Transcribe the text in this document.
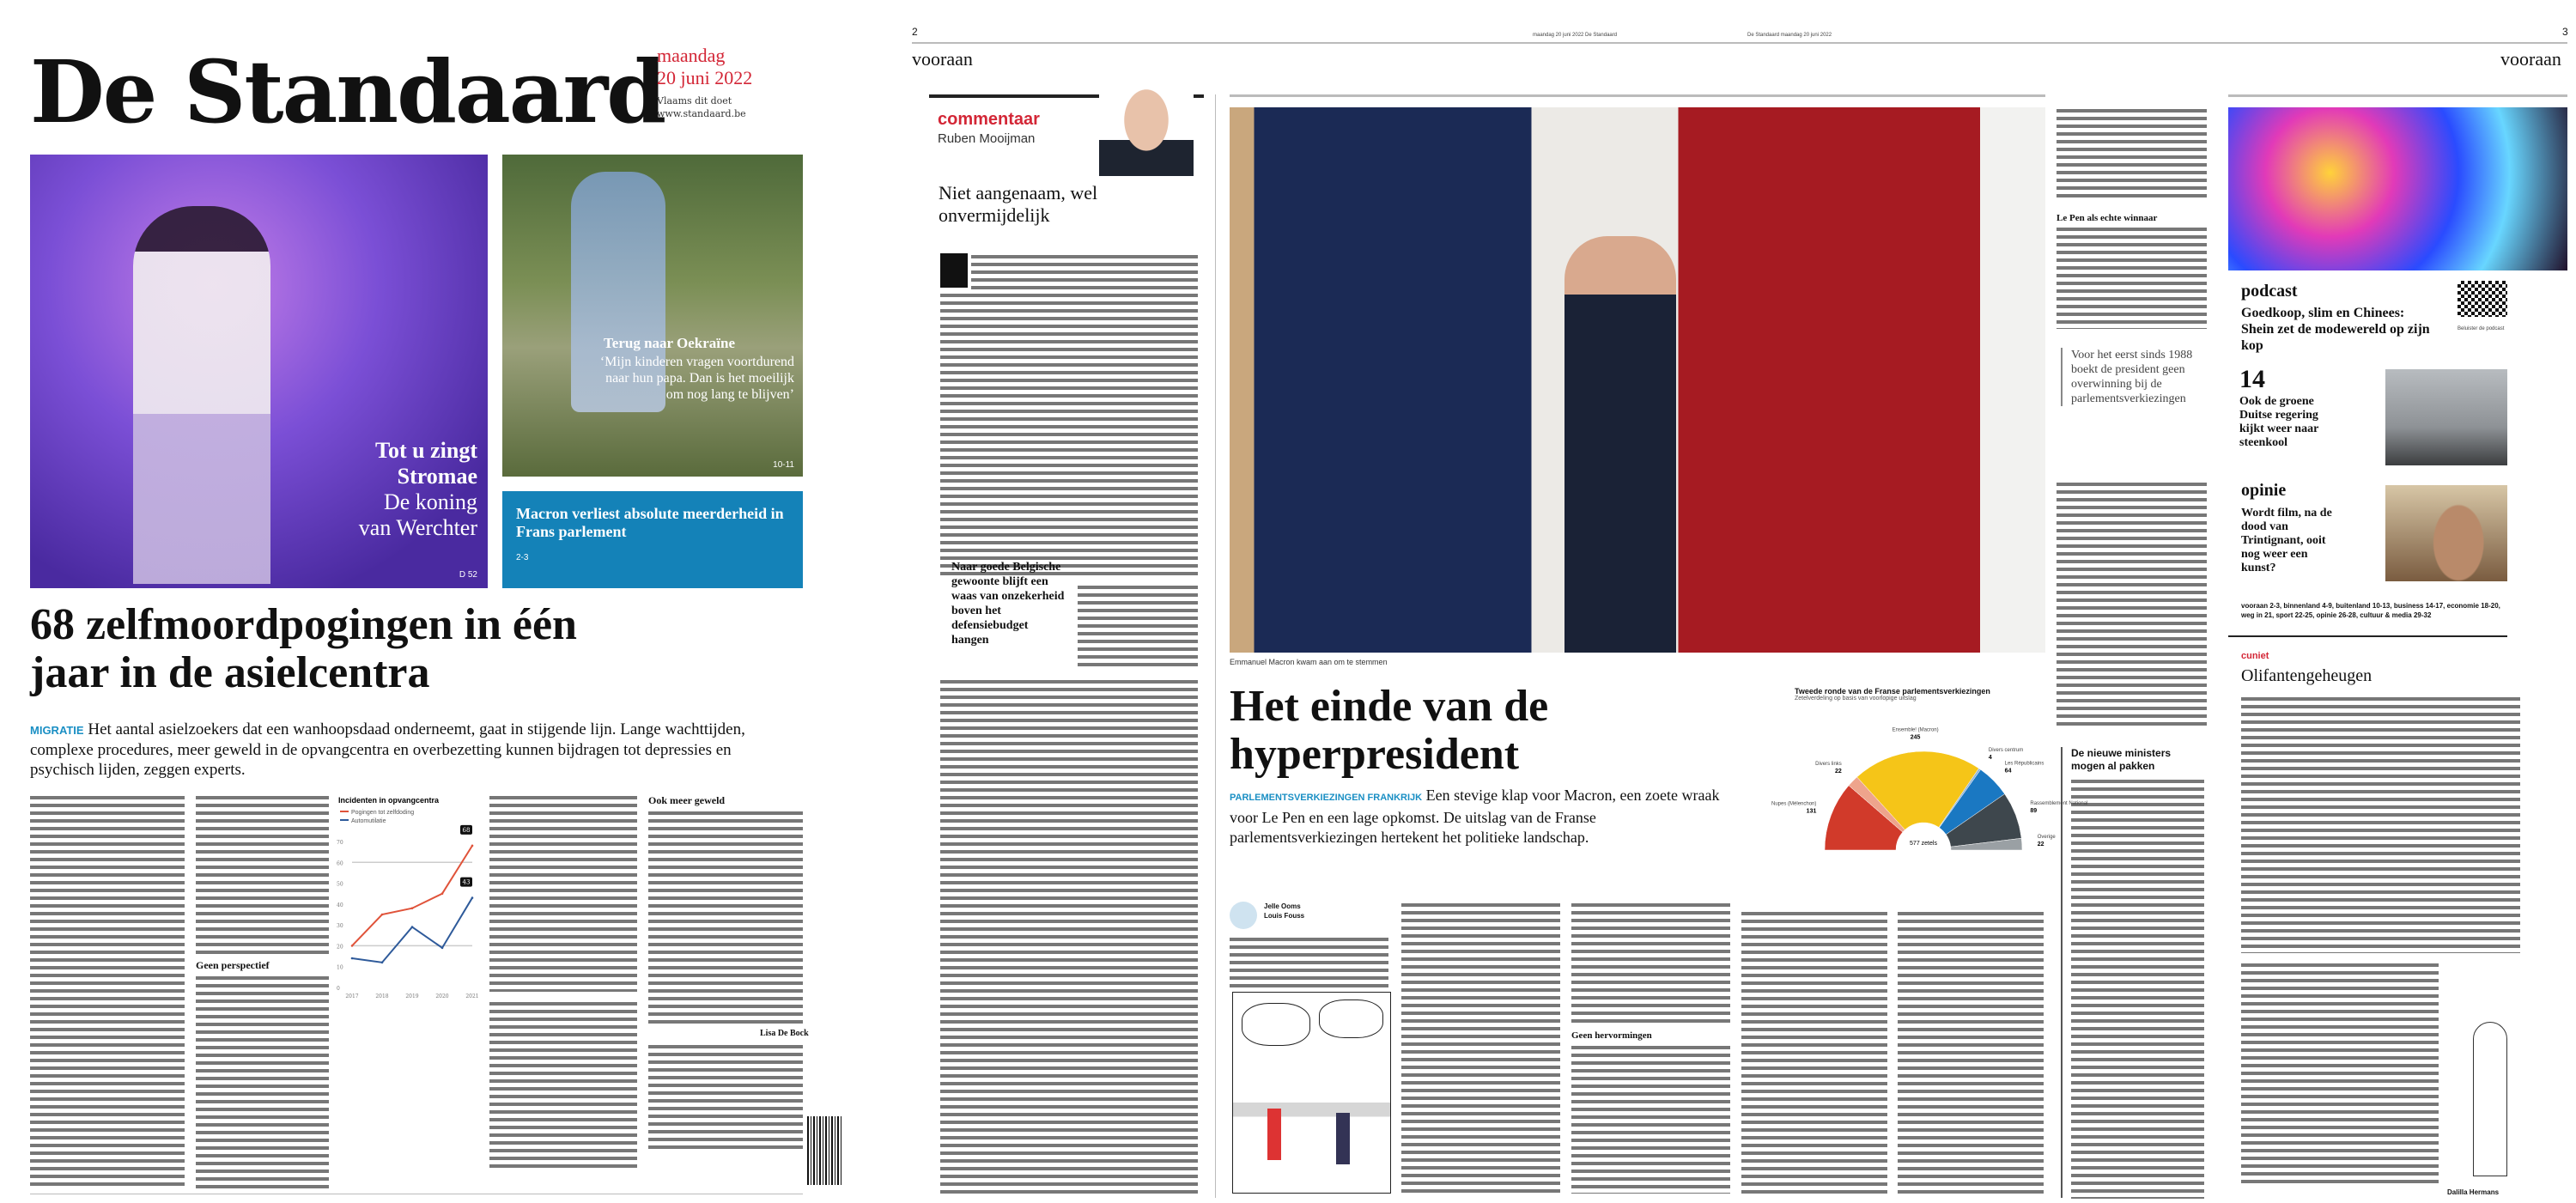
De Standaard
maandag
20 juni 2022
Vlaams dit doet
www.standaard.be
Tot u zingt
Stromae
De koning
van Werchter
D 52
Terug naar Oekraïne
‘Mijn kinderen vragen voortdurend naar hun papa. Dan is het moeilijk om nog lang te blijven’
10-11
Macron verliest absolute meerderheid in Frans parlement
2-3
68 zelfmoordpogingen in één jaar in de asielcentra
MIGRATIE Het aantal asielzoekers dat een wanhoopsdaad onderneemt, gaat in stijgende lijn. Lange wachttijden, complexe procedures, meer geweld in de opvangcentra en overbezetting kunnen bijdragen tot depressies en psychisch lijden, zeggen experts.
Geen perspectief
Incidenten in opvangcentra
Pogingen tot zelfdoding
Automutilatie
0
10
20
30
40
50
60
70
2017	2018	2019	2020	2021
68
43
Ook meer geweld
Lisa De Bock
2	maandag 20 juni 2022 De Standaard	De Standaard maandag 20 juni 2022	3
vooraan	vooraan
commentaar
Ruben Mooijman
Niet aangenaam, wel onvermijdelijk
Naar goede Belgische gewoonte blijft een waas van onzekerheid boven het defensiebudget hangen
Emmanuel Macron kwam aan om te stemmen
Le Pen als echte winnaar
Voor het eerst sinds 1988 boekt de president geen overwinning bij de parlementsverkiezingen
De nieuwe ministers mogen al pakken
Het einde van de hyperpresident
PARLEMENTSVERKIEZINGEN FRANKRIJK Een stevige klap voor Macron, een zoete wraak voor Le Pen en een lage opkomst. De uitslag van de Franse parlementsverkiezingen hertekent het politieke landschap.
Tweede ronde van de Franse parlementsverkiezingen
Zetelverdeling op basis van voorlopige uitslag
Nupes (Mélenchon)
131
Divers links
22
Ensemble! (Macron)
245
Divers centrum
4
Les Républicains
64
Rassemblement National
89
Overige
22
577 zetels
Jelle Ooms
Louis Fouss
Geen hervormingen
podcast
Goedkoop, slim en Chinees: Shein zet de modewereld op zijn kop
Beluister de podcast
14
Ook de groene Duitse regering kijkt weer naar steenkool
opinie
Wordt film, na de dood van Trintignant, ooit nog weer een kunst?
vooraan 2-3, binnenland 4-9, buitenland 10-13, business 14-17, economie 18-20, weg in 21, sport 22-25, opinie 26-28, cultuur & media 29-32
cuniet
Olifantengeheugen
Dalilla Hermans
